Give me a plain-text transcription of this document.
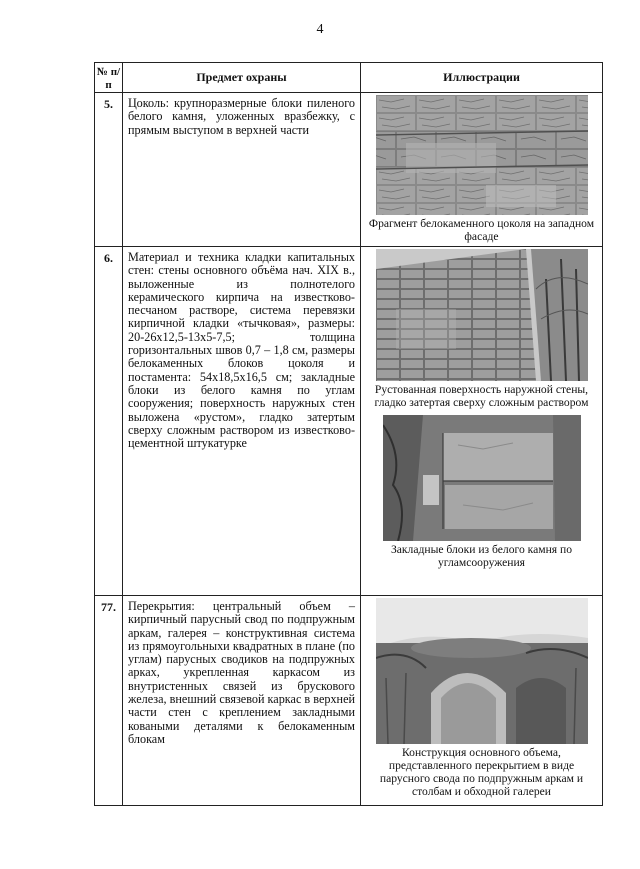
4
№ п/п	Предмет охраны	Иллюстрации
5.	Цоколь: крупноразмерные блоки пиленого белого камня, уложенных вразбежку, с прямым выступом в верхней части	Фрагмент белокаменного цоколя на западном фасаде

6.	Материал и техника кладки капитальных стен: стены основного объёма нач. XIX в., выложенные из полнотелого керамического кирпича на известково-песчаном растворе, система перевязки кирпичной кладки «тычковая», размеры: 20-26х12,5-13х5-7,5; толщина горизонтальных швов 0,7 – 1,8 см, размеры белокаменных блоков цоколя и постамента: 54х18,5х16,5 см; закладные блоки из белого камня по углам сооружения; поверхность наружных стен выложена «рустом», гладко затертым сверху сложным раствором из известково-цементной штукатурке	Рустованная поверхность наружной стены, гладко затертая сверху сложным раствором

Закладные блоки из белого камня по угламсооружения

77.	Перекрытия: центральный объем – кирпичный парусный свод по подпружным аркам, галерея – конструктивная система из прямоугольныхи квадратных в плане (по углам) парусных сводиков на подпружных арках, укрепленная каркасом из внутристенных связей из брускового железа, внешний связевой каркас в верхней части стен с креплением закладными коваными деталями к белокаменным блокам	Конструкция основного объема, представленного перекрытием в виде парусного свода по подпружным аркам и столбам и обходной галереи
